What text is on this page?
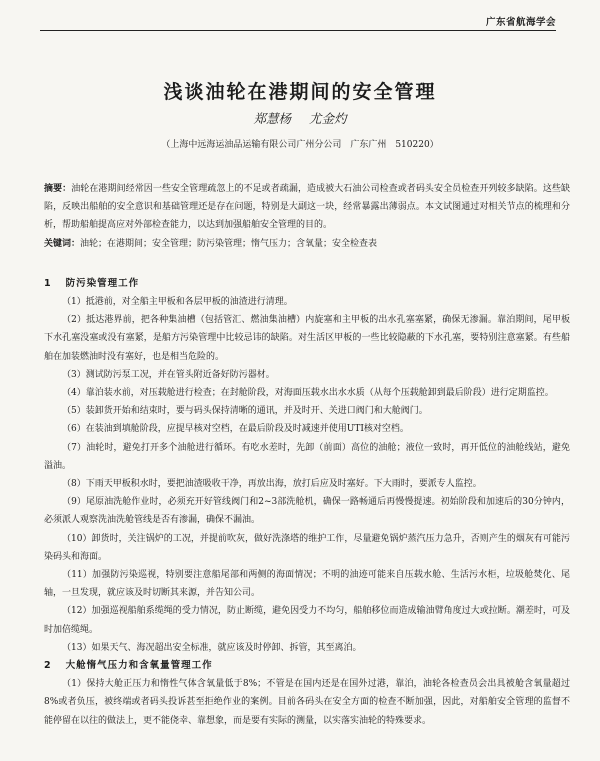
广东省航海学会
浅谈油轮在港期间的安全管理
郑慧杨 尤金灼
（上海中远海运油品运输有限公司广州分公司　广东广州　510220）

摘要：油轮在港期间经常因一些安全管理疏忽上的不足或者疏漏，造成被大石油公司检查或者码头安全员检查开列较多缺陷。这些缺陷，反映出船舶的安全意识和基础管理还是存在问题，特别是大副这一块，经常暴露出薄弱点。本文试图通过对相关节点的梳理和分析，帮助船舶提高应对外部检查能力，以达到加强船舶安全管理的目的。

关键词：油轮；在港期间；安全管理；防污染管理；惰气压力；含氧量；安全检查表

1 防污染管理工作

（1）抵港前，对全船主甲板和各层甲板的油渣进行清理。

（2）抵达港界前，把各种集油槽（包括管汇、燃油集油槽）内旋塞和主甲板的出水孔塞塞紧，确保无渗漏。靠泊期间，尾甲板下水孔塞没塞或没有塞紧，是船方污染管理中比较忌讳的缺陷。对生活区甲板的一些比较隐蔽的下水孔塞，要特别注意塞紧。有些船舶在加装燃油时没有塞好，也是相当危险的。

（3）测试防污泵工况，并在管头附近备好防污器材。

（4）靠泊装水前，对压载舱进行检查；在封舱阶段，对海面压载水出水水质（从每个压载舱卸到最后阶段）进行定期监控。

（5）装卸货开始和结束时，要与码头保持清晰的通讯，并及时开、关进口阀门和大舱阀门。

（6）在装油到填舱阶段，应提早核对空档，在最后阶段及时减速并使用UTI核对空档。

（7）油轮时，避免打开多个油舱进行循环。有吃水差时，先卸（前面）高位的油舱；液位一致时，再开低位的油舱线站，避免溢油。

（8）下雨天甲板积水时，要把油渣吸收干净，再放出海，放打后应及时塞好。下大雨时，要派专人监控。

（9）尾原油洗舱作业时，必须充开好管线阀门和2~3部洗舱机，确保一路畅通后再慢慢提速。初始阶段和加速后的30分钟内，必须派人观察洗油洗舱管线是否有渗漏，确保不漏油。

（10）卸货时，关注锅炉的工况，并提前吹灰，做好洗涤塔的维护工作，尽量避免锅炉蒸汽压力急升，否则产生的烟灰有可能污染码头和海面。

（11）加强防污染巡视，特别要注意船尾部和两侧的海面情况；不明的油迹可能来自压载水舱、生活污水柜，垃圾舱焚化、尾轴，一旦发现，就应该及时切断其来源，并告知公司。

（12）加强巡视船舶系缆绳的受力情况，防止断缆，避免因受力不均匀，船舶移位而造成输油臂角度过大或拉断。潮差时，可及时加倍缆绳。

（13）如果天气、海况超出安全标准，就应该及时停卸、拆管，其至离泊。

2 大舱惰气压力和含氧量管理工作

（1）保持大舱正压力和惰性气体含氧量低于8%；不管是在国内还是在国外过港，靠泊，油轮各检查员会出具被舱含氧量超过8%或者负压，被终端或者码头投诉甚至拒绝作业的案例。目前各码头在安全方面的检查不断加强，因此，对船舶安全管理的监督不能停留在以往的做法上，更不能侥幸、靠想象，而是要有实际的测量，以实落实油轮的特殊要求。
